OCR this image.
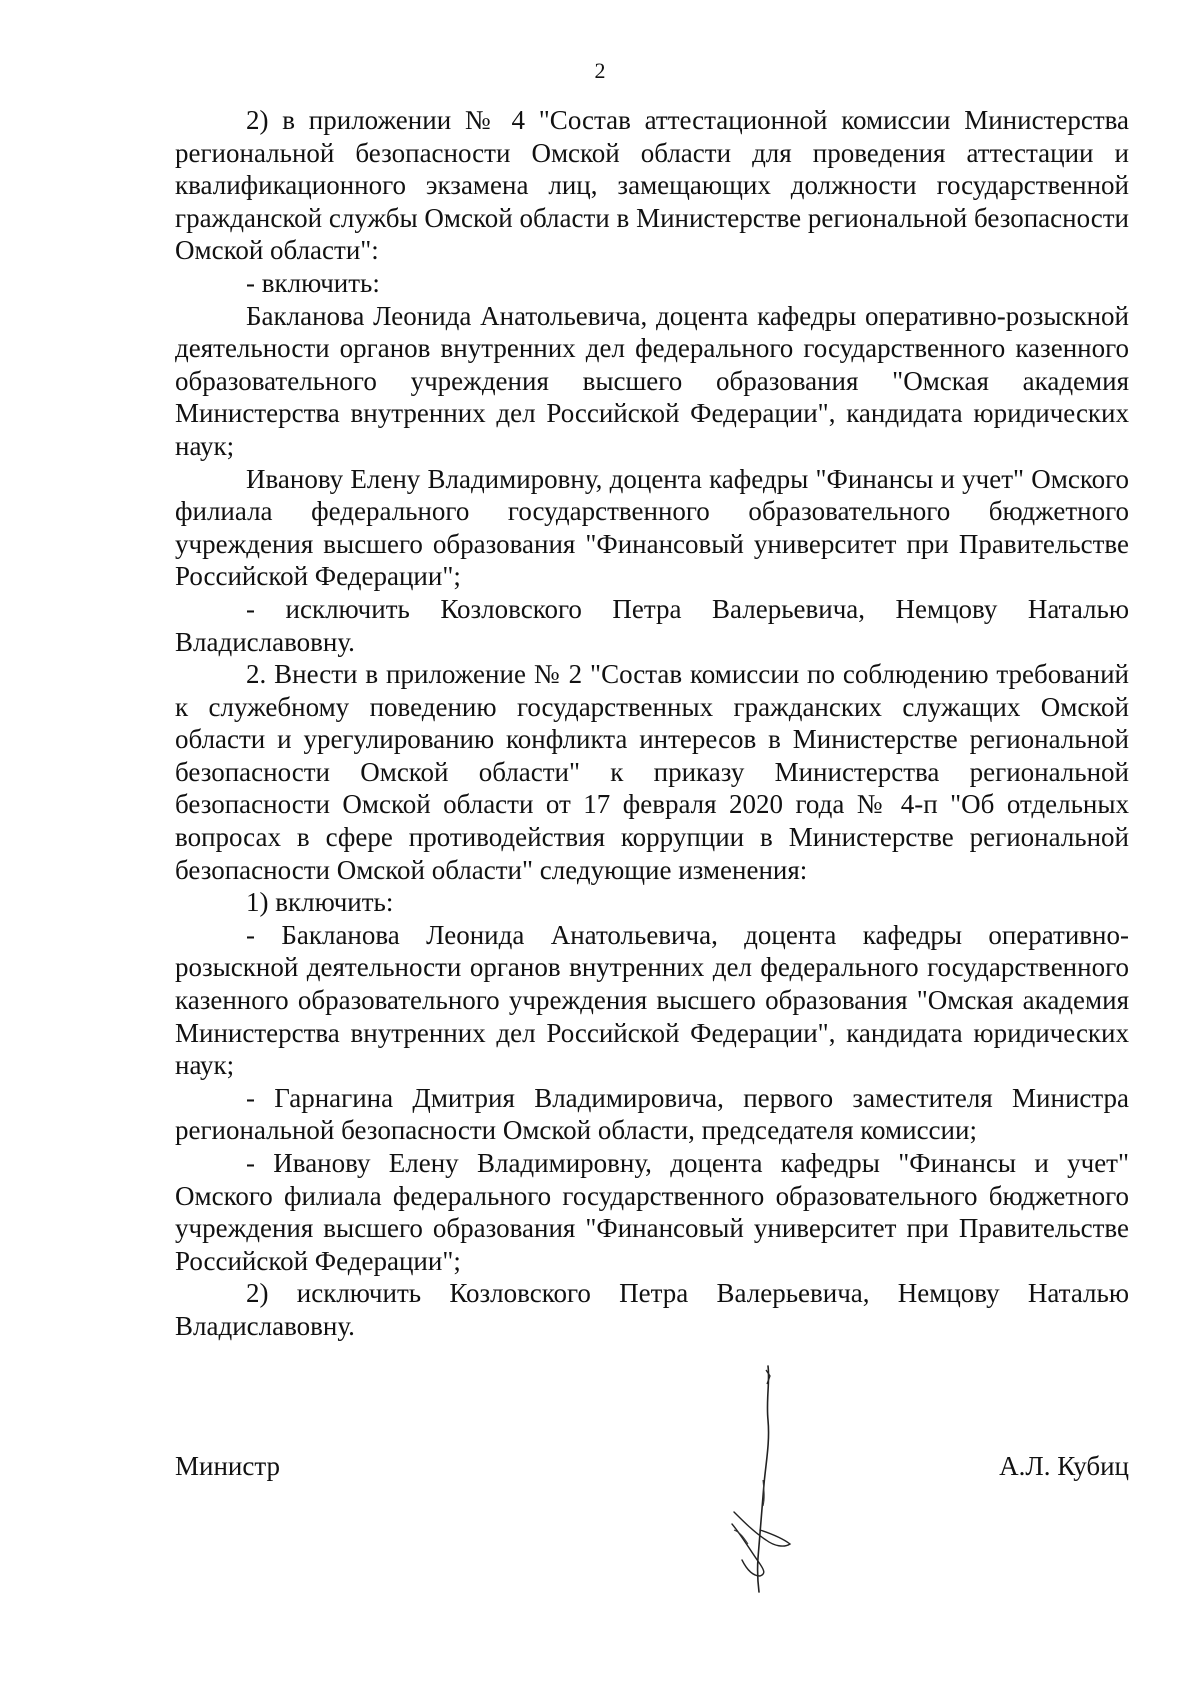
2

2) в приложении № 4 "Состав аттестационной комиссии Министерства региональной безопасности Омской области для проведения аттестации и квалификационного экзамена лиц, замещающих должности государственной гражданской службы Омской области в Министерстве региональной безопасности Омской области":

- включить:

Бакланова Леонида Анатольевича, доцента кафедры оперативно-розыскной деятельности органов внутренних дел федерального государственного казенного образовательного учреждения высшего образования "Омская академия Министерства внутренних дел Российской Федерации", кандидата юридических наук;

Иванову Елену Владимировну, доцента кафедры "Финансы и учет" Омского филиала федерального государственного образовательного бюджетного учреждения высшего образования "Финансовый университет при Правительстве Российской Федерации";

- исключить Козловского Петра Валерьевича, Немцову Наталью Владиславовну.

2. Внести в приложение № 2 "Состав комиссии по соблюдению требований к служебному поведению государственных гражданских служащих Омской области и урегулированию конфликта интересов в Министерстве региональной безопасности Омской области" к приказу Министерства региональной безопасности Омской области от 17 февраля 2020 года № 4-п "Об отдельных вопросах в сфере противодействия коррупции в Министерстве региональной безопасности Омской области" следующие изменения:

1) включить:

- Бакланова Леонида Анатольевича, доцента кафедры оперативно-розыскной деятельности органов внутренних дел федерального государственного казенного образовательного учреждения высшего образования "Омская академия Министерства внутренних дел Российской Федерации", кандидата юридических наук;

- Гарнагина Дмитрия Владимировича, первого заместителя Министра региональной безопасности Омской области, председателя комиссии;

- Иванову Елену Владимировну, доцента кафедры "Финансы и учет" Омского филиала федерального государственного образовательного бюджетного учреждения высшего образования "Финансовый университет при Правительстве Российской Федерации";

2) исключить Козловского Петра Валерьевича, Немцову Наталью Владиславовну.

Министр	А.Л. Кубиц
